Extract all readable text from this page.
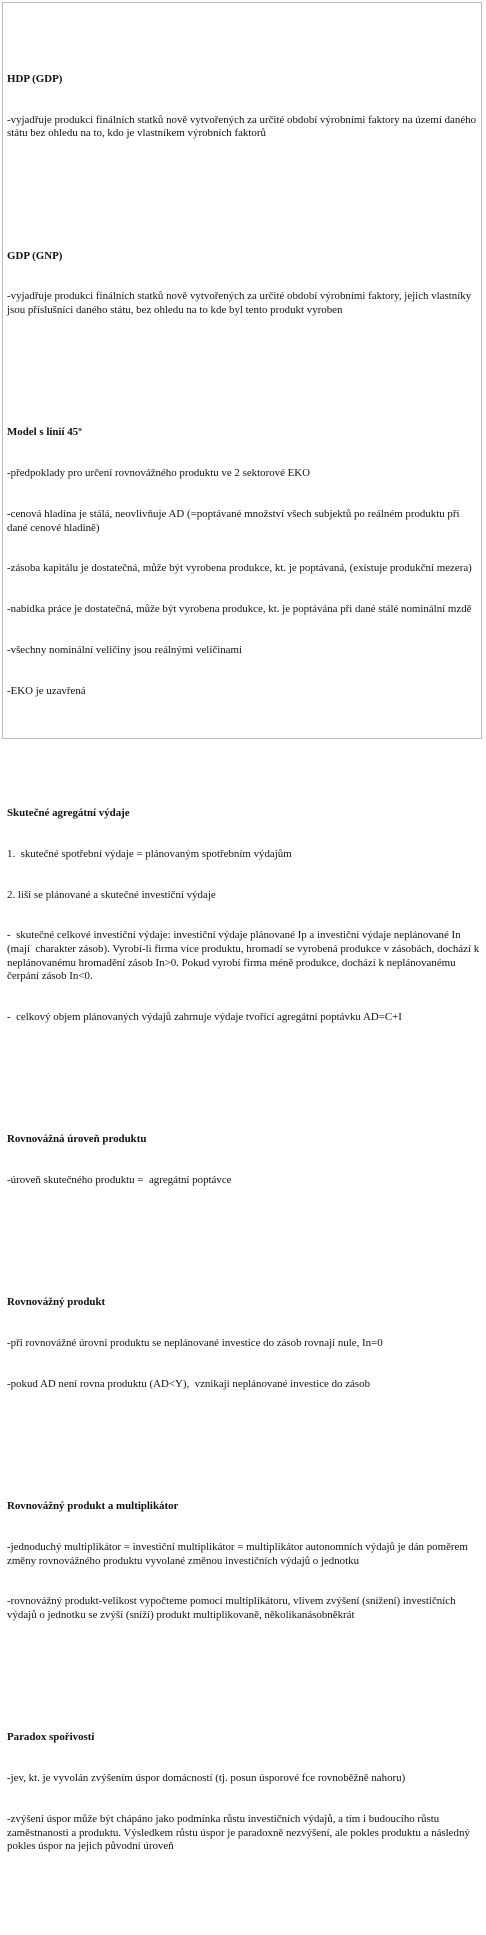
HDP (GDP)

-vyjadřuje produkci finálních statků nově vytvořených za určité období výrobními faktory na území daného státu bez ohledu na to, kdo je vlastníkem výrobních faktorů

GDP (GNP)

-vyjadřuje produkci finálních statků nově vytvořených za určité období výrobními faktory, jejich vlastníky jsou příslušníci daného státu, bez ohledu na to kde byl tento produkt vyroben

Model s linií 45º

-předpoklady pro určení rovnovážného produktu ve 2 sektorové EKO

-cenová hladina je stálá, neovlivňuje AD (=poptávané množství všech subjektů po reálném produktu při dané cenové hladině)

-zásoba kapitálu je dostatečná, může být vyrobena produkce, kt. je poptávaná, (existuje produkční mezera)

-nabídka práce je dostatečná, může být vyrobena produkce, kt. je poptávána při dané stálé nominální mzdě

-všechny nominální veličiny jsou reálnými veličinami

-EKO je uzavřená

Skutečné agregátní výdaje

1.  skutečné spotřební výdaje = plánovaným spotřebním výdajům

2. liší se plánované a skutečné investiční výdaje

-  skutečné celkové investiční výdaje: investiční výdaje plánované Ip a investiční výdaje neplánované In (mají  charakter zásob). Vyrobí-li firma více produktu, hromadí se vyrobená produkce v zásobách, dochází k neplánovanému hromadění zásob In>0. Pokud vyrobí firma méně produkce, dochází k neplánovanému čerpání zásob In<0.

-  celkový objem plánovaných výdajů zahrnuje výdaje tvořící agregátní poptávku AD=C+I

Rovnovážná úroveň produktu

-úroveň skutečného produktu =  agregátní poptávce

Rovnovážný produkt

-při rovnovážné úrovni produktu se neplánované investice do zásob rovnají nule, In=0

-pokud AD není rovna produktu (AD<Y),  vznikají neplánované investice do zásob

Rovnovážný produkt a multiplikátor

-jednoduchý multiplikátor = investiční multiplikátor = multiplikátor autonomních výdajů je dán poměrem změny rovnovážného produktu vyvolané změnou investičních výdajů o jednotku

-rovnovážný produkt-velikost vypočteme pomocí multiplikátoru, vlivem zvýšení (snížení) investičních výdajů o jednotku se zvýší (sníží) produkt multiplikovaně, několikanásobněkrát

Paradox spořivosti

-jev, kt. je vyvolán zvýšením úspor domácností (tj. posun úsporové fce rovnoběžně nahoru)

-zvýšení úspor může být chápáno jako podmínka růstu investičních výdajů, a tím i budoucího růstu zaměstnanosti a produktu. Výsledkem růstu úspor je paradoxně nezvýšení, ale pokles produktu a následný pokles úspor na jejich původní úroveň
